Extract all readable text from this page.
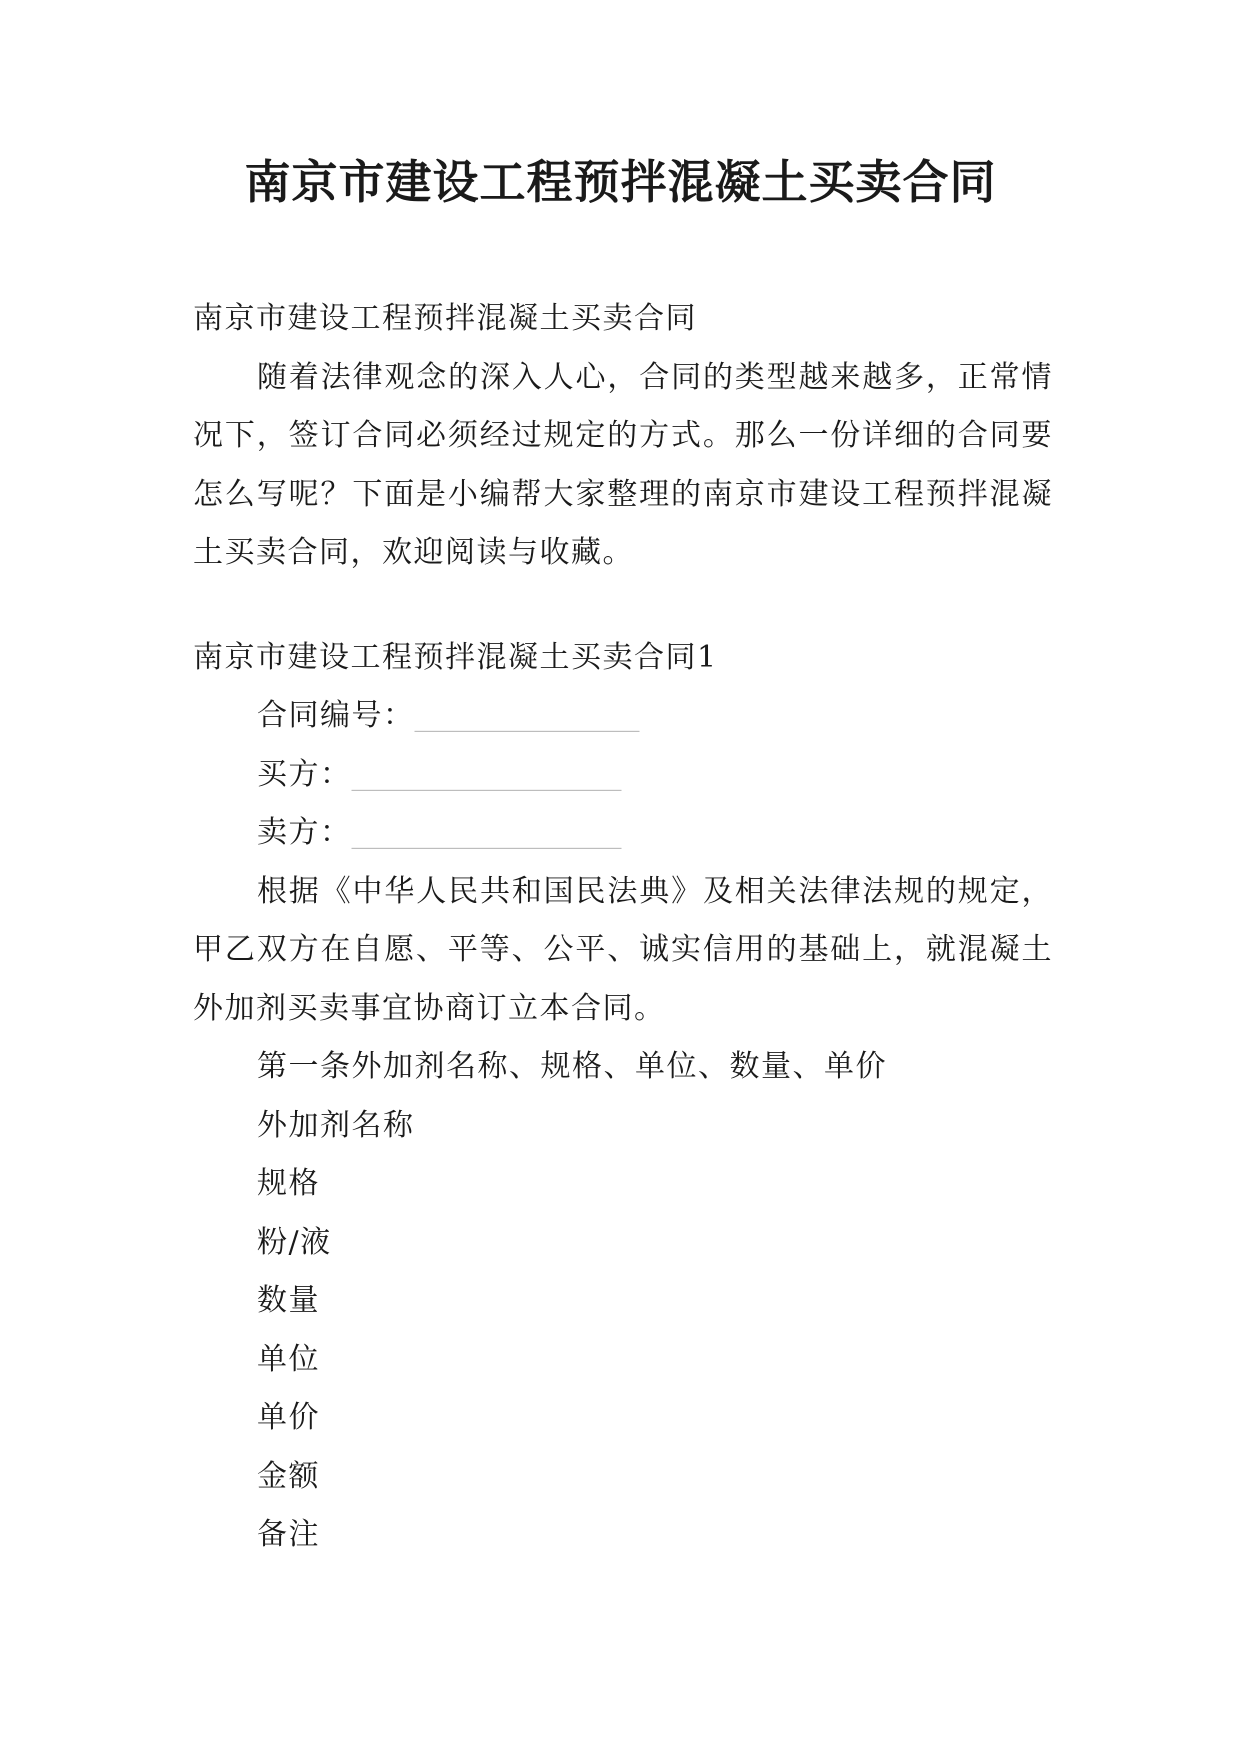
南京市建设工程预拌混凝土买卖合同
南京市建设工程预拌混凝土买卖合同
随着法律观念的深入人心，合同的类型越来越多，正常情况下，签订合同必须经过规定的方式。那么一份详细的合同要怎么写呢？下面是小编帮大家整理的南京市建设工程预拌混凝土买卖合同，欢迎阅读与收藏。
南京市建设工程预拌混凝土买卖合同1
合同编号：_______________
买方：__________________
卖方：__________________
根据《中华人民共和国民法典》及相关法律法规的规定，甲乙双方在自愿、平等、公平、诚实信用的基础上，就混凝土外加剂买卖事宜协商订立本合同。
第一条外加剂名称、规格、单位、数量、单价
外加剂名称
规格
粉/液
数量
单位
单价
金额
备注
